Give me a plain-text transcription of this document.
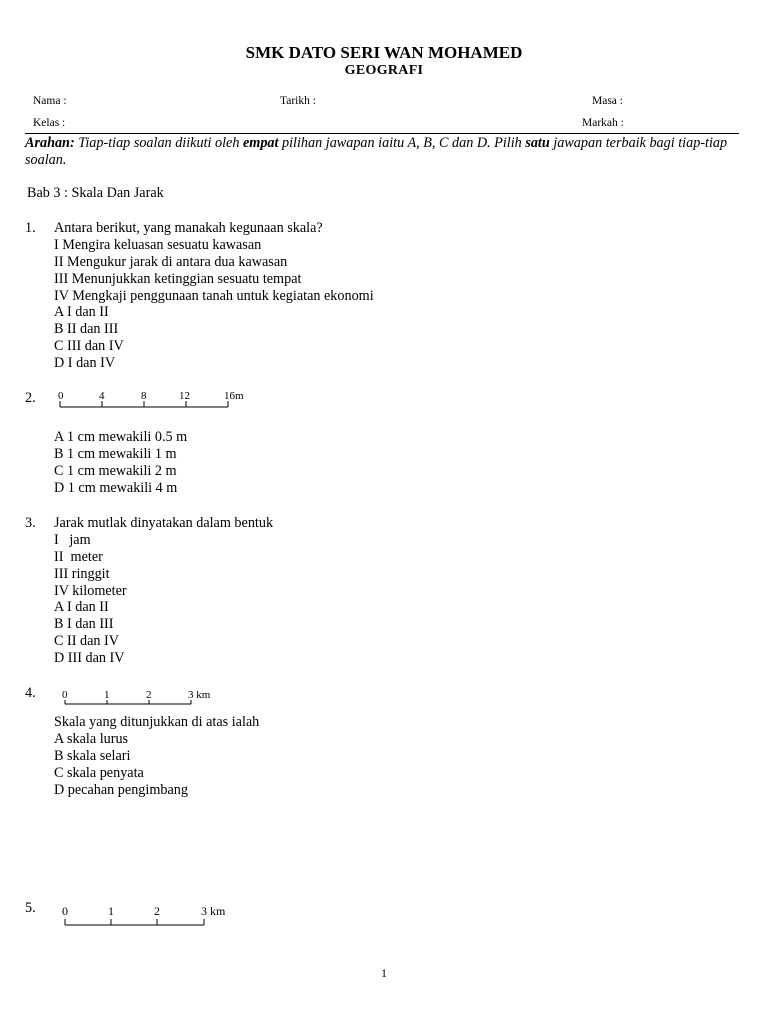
SMK DATO SERI WAN MOHAMED
GEOGRAFI
Nama :	Tarikh :	Masa :
Kelas :	Markah :
Arahan: Tiap-tiap soalan diikuti oleh empat pilihan jawapan iaitu A, B, C dan D. Pilih satu jawapan terbaik bagi tiap-tiap soalan.
Bab 3 : Skala Dan Jarak
1. Antara berikut, yang manakah kegunaan skala?
I Mengira keluasan sesuatu kawasan
II Mengukur jarak di antara dua kawasan
III Menunjukkan ketinggian sesuatu tempat
IV Mengkaji penggunaan tanah untuk kegiatan ekonomi
A I dan II
B II dan III
C III dan IV
D I dan IV
2. 0	4	8	12	16m
A 1 cm mewakili 0.5 m
B 1 cm mewakili 1 m
C 1 cm mewakili 2 m
D 1 cm mewakili 4 m
3. Jarak mutlak dinyatakan dalam bentuk
I   jam
II  meter
III ringgit
IV kilometer
A I dan II
B I dan III
C II dan IV
D III dan IV
4. 0	1	2	3 km
Skala yang ditunjukkan di atas ialah
A skala lurus
B skala selari
C skala penyata
D pecahan pengimbang
5. 0	1	2	3 km
1
